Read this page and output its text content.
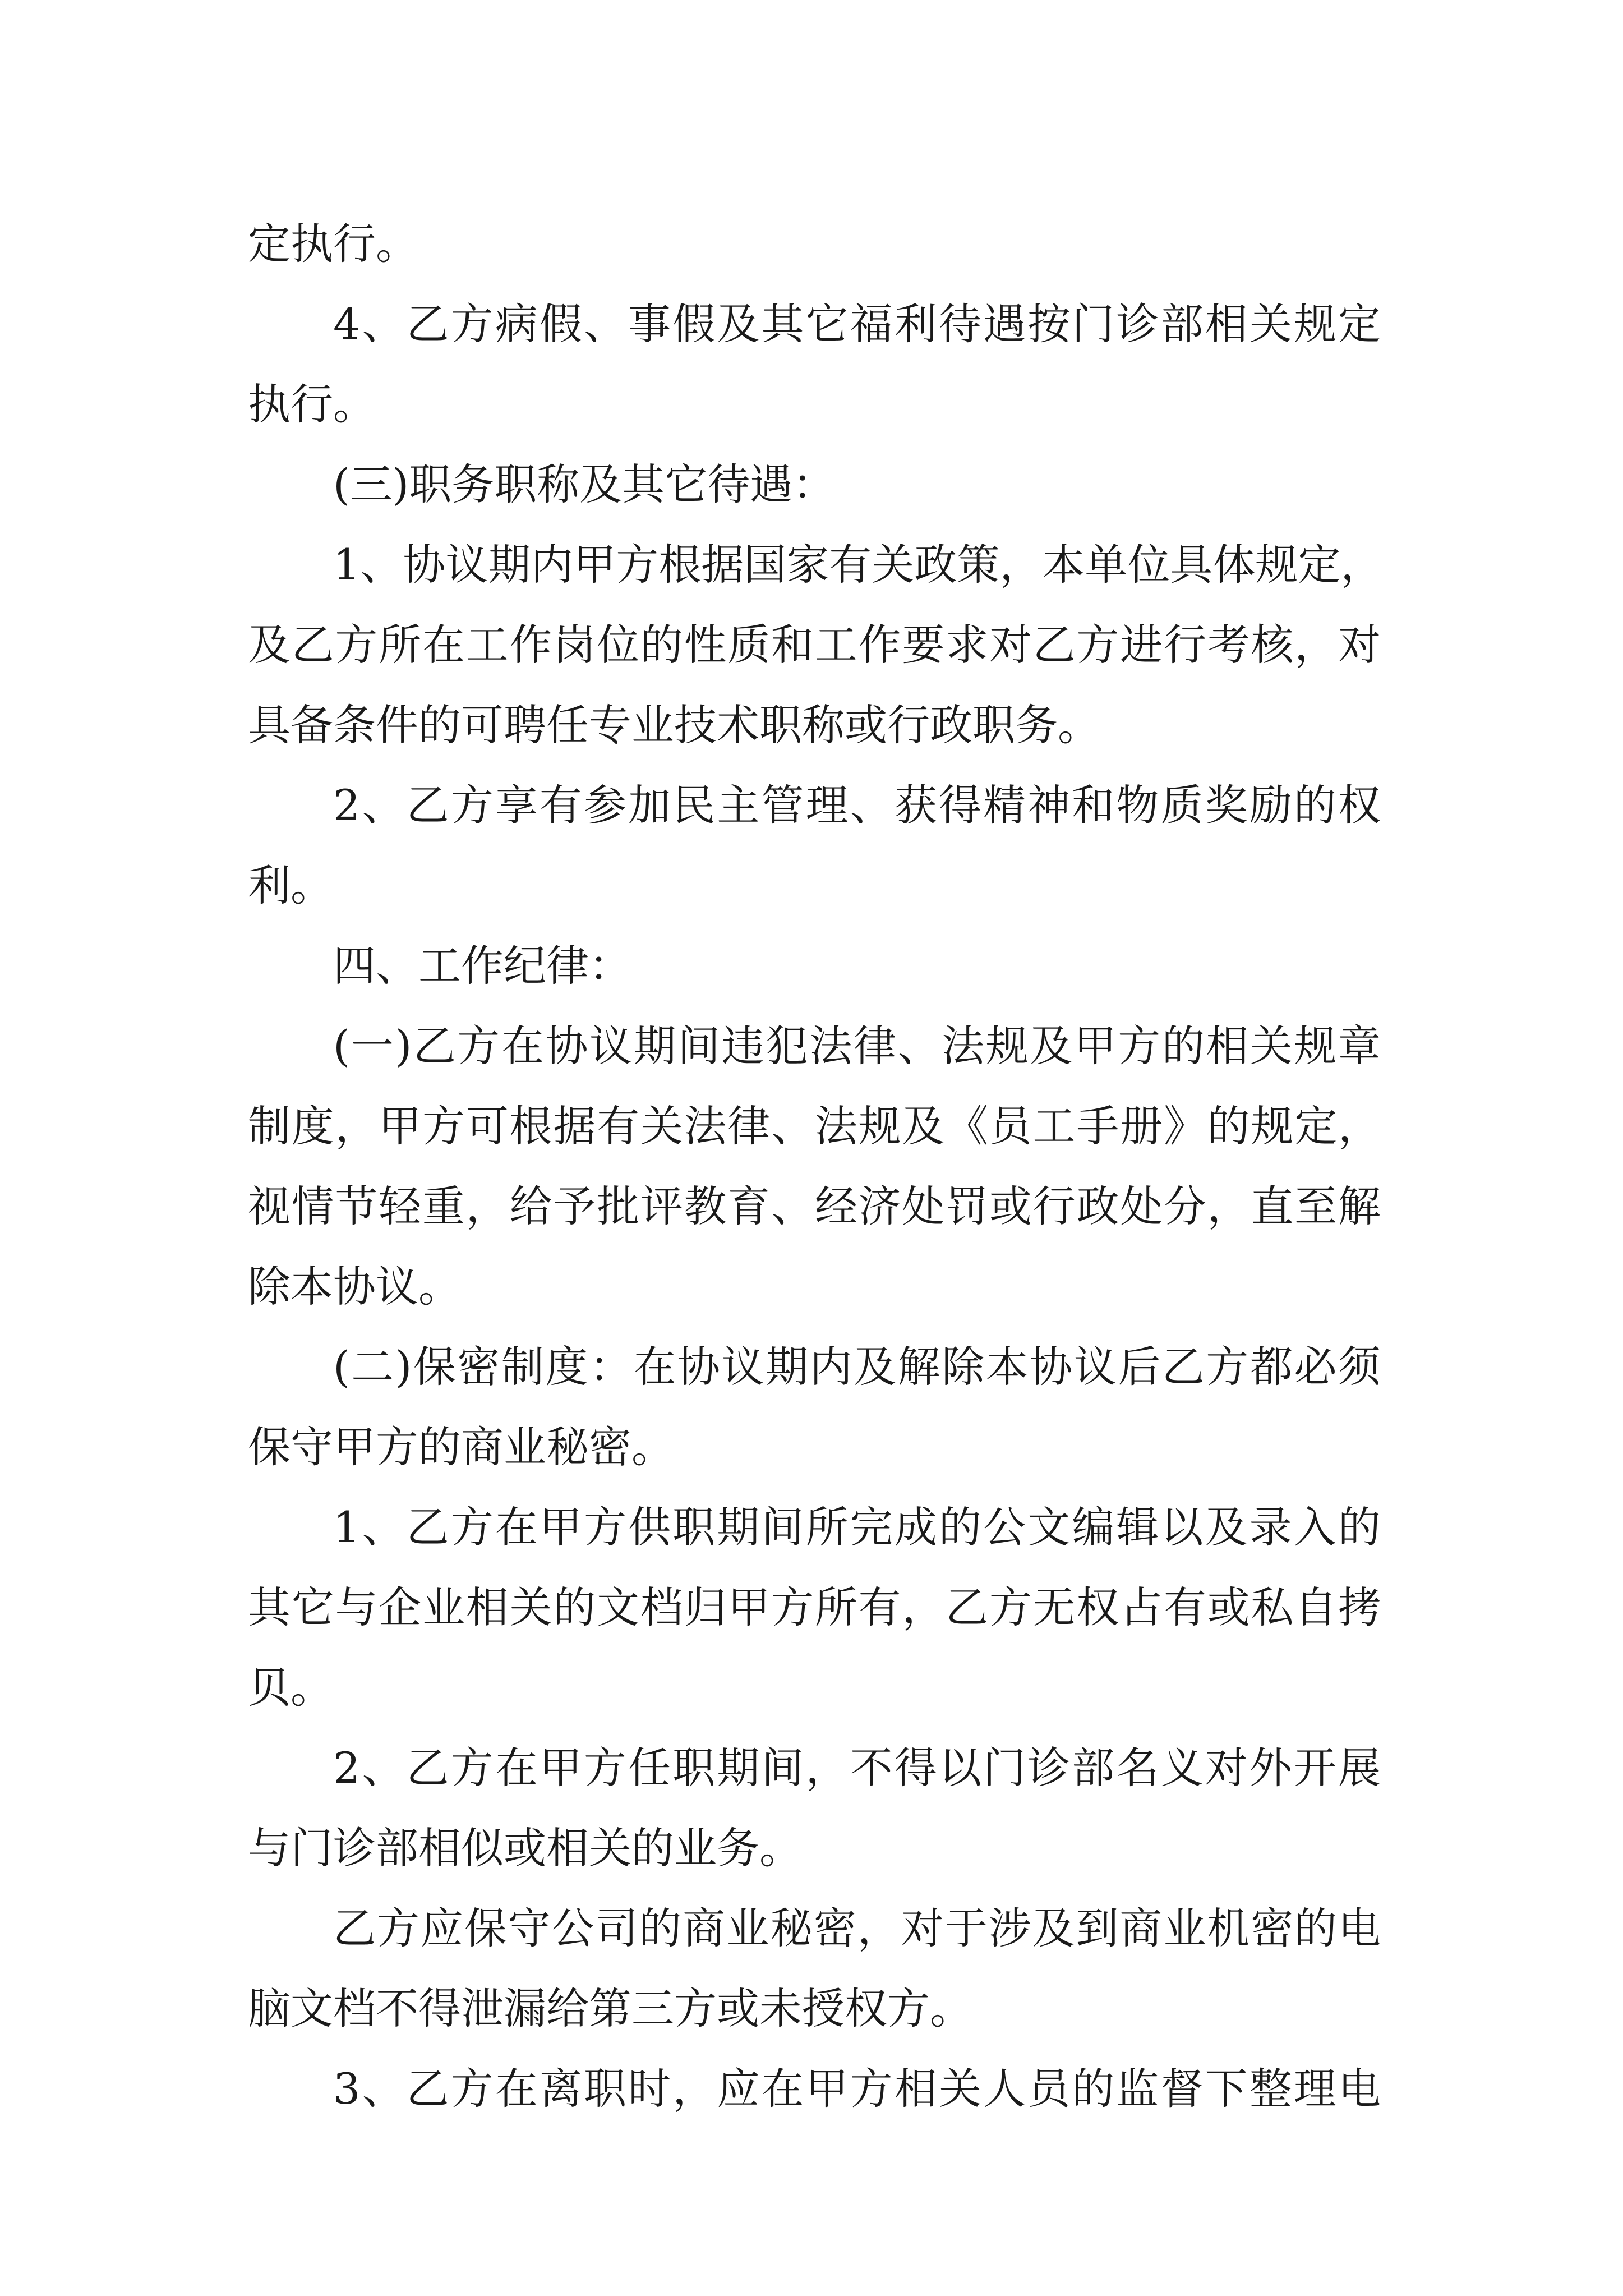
定执行。
4、乙方病假、事假及其它福利待遇按门诊部相关规定
执行。
(三)职务职称及其它待遇：
1、协议期内甲方根据国家有关政策，本单位具体规定，
及乙方所在工作岗位的性质和工作要求对乙方进行考核，对
具备条件的可聘任专业技术职称或行政职务。
2、乙方享有参加民主管理、获得精神和物质奖励的权
利。
四、工作纪律：
(一)乙方在协议期间违犯法律、法规及甲方的相关规章
制度，甲方可根据有关法律、法规及《员工手册》的规定，
视情节轻重，给予批评教育、经济处罚或行政处分，直至解
除本协议。
(二)保密制度：在协议期内及解除本协议后乙方都必须
保守甲方的商业秘密。
1、乙方在甲方供职期间所完成的公文编辑以及录入的
其它与企业相关的文档归甲方所有，乙方无权占有或私自拷
贝。
2、乙方在甲方任职期间，不得以门诊部名义对外开展
与门诊部相似或相关的业务。
乙方应保守公司的商业秘密，对于涉及到商业机密的电
脑文档不得泄漏给第三方或未授权方。
3、乙方在离职时，应在甲方相关人员的监督下整理电
